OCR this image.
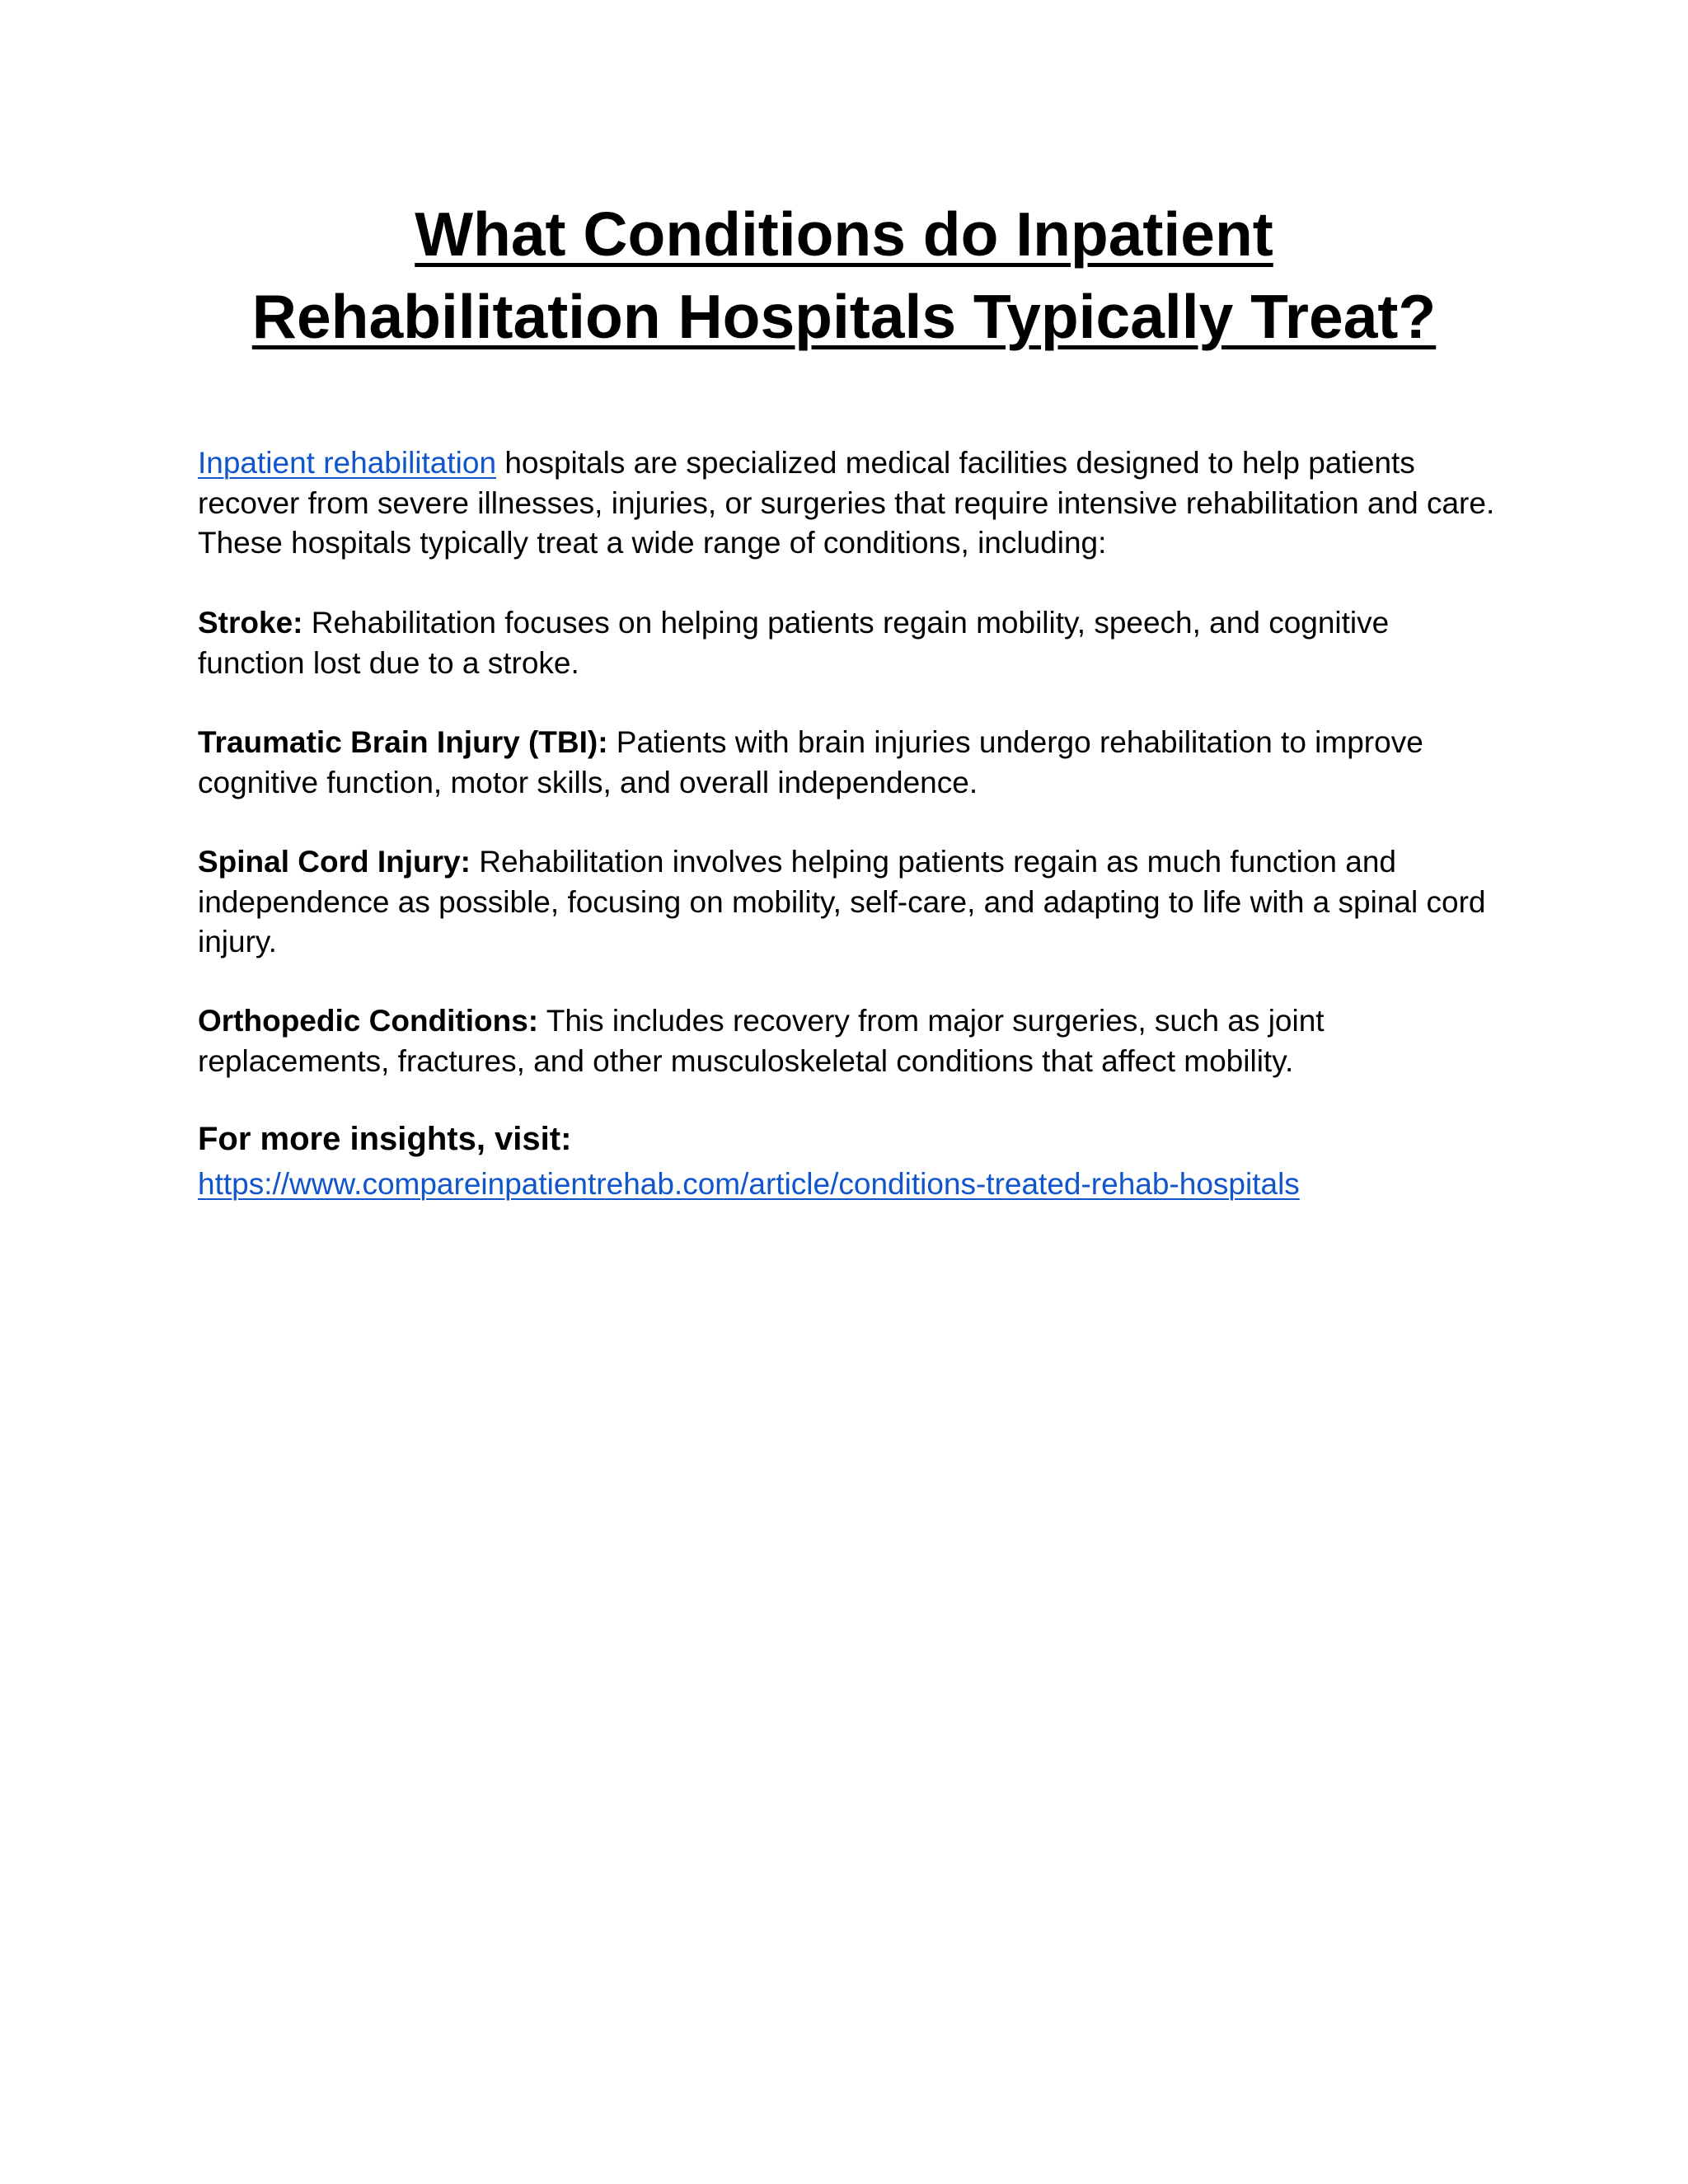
What Conditions do Inpatient
Rehabilitation Hospitals Typically Treat?

Inpatient rehabilitation hospitals are specialized medical facilities designed to help patients recover from severe illnesses, injuries, or surgeries that require intensive rehabilitation and care. These hospitals typically treat a wide range of conditions, including:

Stroke: Rehabilitation focuses on helping patients regain mobility, speech, and cognitive function lost due to a stroke.

Traumatic Brain Injury (TBI): Patients with brain injuries undergo rehabilitation to improve cognitive function, motor skills, and overall independence.

Spinal Cord Injury: Rehabilitation involves helping patients regain as much function and independence as possible, focusing on mobility, self-care, and adapting to life with a spinal cord injury.

Orthopedic Conditions: This includes recovery from major surgeries, such as joint replacements, fractures, and other musculoskeletal conditions that affect mobility.

For more insights, visit:
https://www.compareinpatientrehab.com/article/conditions-treated-rehab-hospitals
